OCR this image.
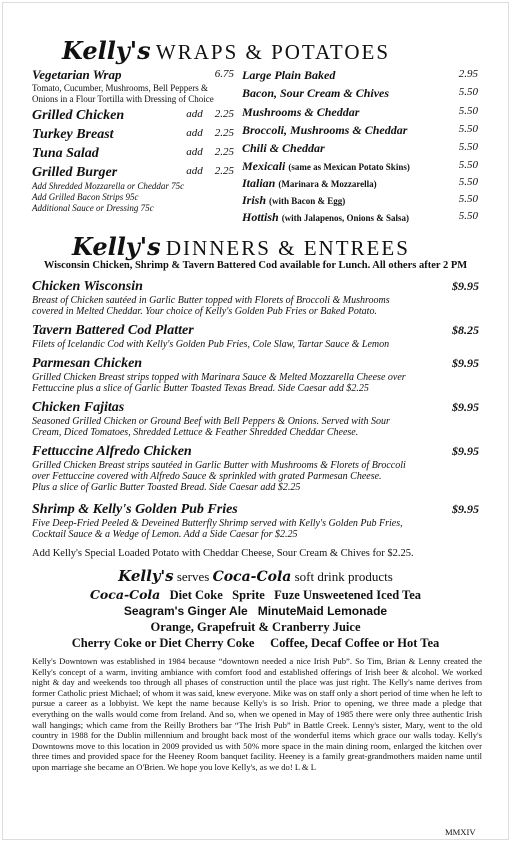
Kelly's WRAPS & POTATOES
Vegetarian Wrap	6.75
Tomato, Cucumber, Mushrooms, Bell Peppers &
Onions in a Flour Tortilla with Dressing of Choice
Grilled Chicken	add 2.25
Turkey Breast	add 2.25
Tuna Salad	add 2.25
Grilled Burger	add 2.25
Add Shredded Mozzarella or Cheddar 75c
Add Grilled Bacon Strips 95c
Additional Sauce or Dressing 75c
Large Plain Baked	2.95
Bacon, Sour Cream & Chives	5.50
Mushrooms & Cheddar	5.50
Broccoli, Mushrooms & Cheddar	5.50
Chili & Cheddar	5.50
Mexicali (same as Mexican Potato Skins)	5.50
Italian (Marinara & Mozzarella)	5.50
Irish (with Bacon & Egg)	5.50
Hottish (with Jalapenos, Onions & Salsa)	5.50
Kelly's DINNERS & ENTREES
Wisconsin Chicken, Shrimp & Tavern Battered Cod available for Lunch. All others after 2 PM
Chicken Wisconsin	$9.95
Breast of Chicken sautéed in Garlic Butter topped with Florets of Broccoli & Mushrooms
covered in Melted Cheddar. Your choice of Kelly's Golden Pub Fries or Baked Potato.
Tavern Battered Cod Platter	$8.25
Filets of Icelandic Cod with Kelly's Golden Pub Fries, Cole Slaw, Tartar Sauce & Lemon
Parmesan Chicken	$9.95
Grilled Chicken Breast strips topped with Marinara Sauce & Melted Mozzarella Cheese over
Fettuccine plus a slice of Garlic Butter Toasted Texas Bread. Side Caesar add $2.25
Chicken Fajitas	$9.95
Seasoned Grilled Chicken or Ground Beef with Bell Peppers & Onions. Served with Sour
Cream, Diced Tomatoes, Shredded Lettuce & Feather Shredded Cheddar Cheese.
Fettuccine Alfredo Chicken	$9.95
Grilled Chicken Breast strips sautéed in Garlic Butter with Mushrooms & Florets of Broccoli
over Fettuccine covered with Alfredo Sauce & sprinkled with grated Parmesan Cheese.
Plus a slice of Garlic Butter Toasted Bread. Side Caesar add $2.25
Shrimp & Kelly's Golden Pub Fries	$9.95
Five Deep-Fried Peeled & Deveined Butterfly Shrimp served with Kelly's Golden Pub Fries,
Cocktail Sauce & a Wedge of Lemon. Add a Side Caesar for $2.25
Add Kelly's Special Loaded Potato with Cheddar Cheese, Sour Cream & Chives for $2.25.
Kelly's serves Coca-Cola soft drink products
Coca-Cola Diet Coke Sprite Fuze Unsweetened Iced Tea
Seagram's Ginger Ale MinuteMaid Lemonade
Orange, Grapefruit & Cranberry Juice
Cherry Coke or Diet Cherry Coke Coffee, Decaf Coffee or Hot Tea
Kelly's Downtown was established in 1984 because “downtown needed a nice Irish Pub”. So Tim, Brian & Lenny created the Kelly's concept of a warm, inviting ambiance with comfort food and established offerings of Irish beer & alcohol. We worked night & day and weekends too through all phases of construction until the place was just right. The Kelly's name derives from former Catholic priest Michael; of whom it was said, knew everyone. Mike was on staff only a short period of time when he left to pursue a career as a lobbyist. We kept the name because Kelly's is so Irish. Prior to opening, we three made a pledge that everything on the walls would come from Ireland. And so, when we opened in May of 1985 there were only three authentic Irish wall hangings; which came from the Reilly Brothers bar “The Irish Pub” in Battle Creek. Lenny's sister, Mary, went to the old country in 1988 for the Dublin millennium and brought back most of the wonderful items which grace our walls today. Kelly's Downtowns move to this location in 2009 provided us with 50% more space in the main dining room, enlarged the kitchen over three times and provided space for the Heeney Room banquet facility. Heeney is a family great-grandmothers maiden name until upon marriage she became an O'Brien. We hope you love Kelly's, as we do! L & L
MMXIV
